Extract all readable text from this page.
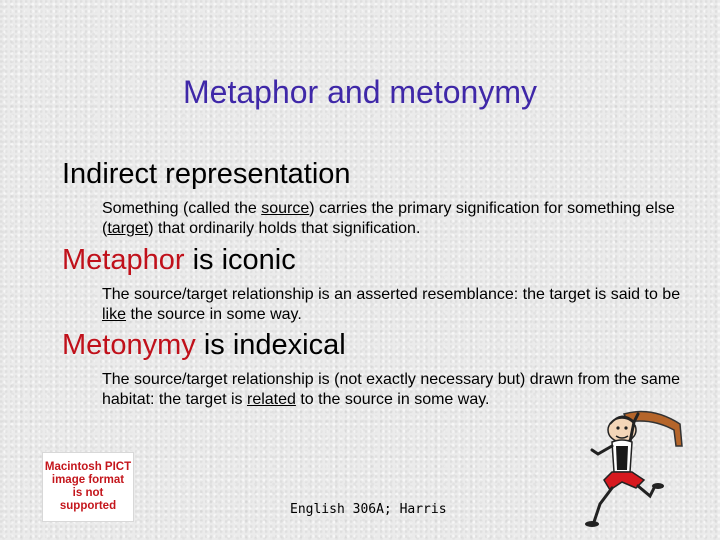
Metaphor and metonymy
Indirect representation
Something (called the source) carries the primary signification for something else (target) that ordinarily holds that signification.
Metaphor is iconic
The source/target relationship is an asserted resemblance: the target is said to be like the source in some way.
Metonymy is indexical
The source/target relationship is (not exactly necessary but) drawn from the same habitat: the target is related to the source in some way.
Macintosh PICT
image format
is not supported	English 306A; Harris
